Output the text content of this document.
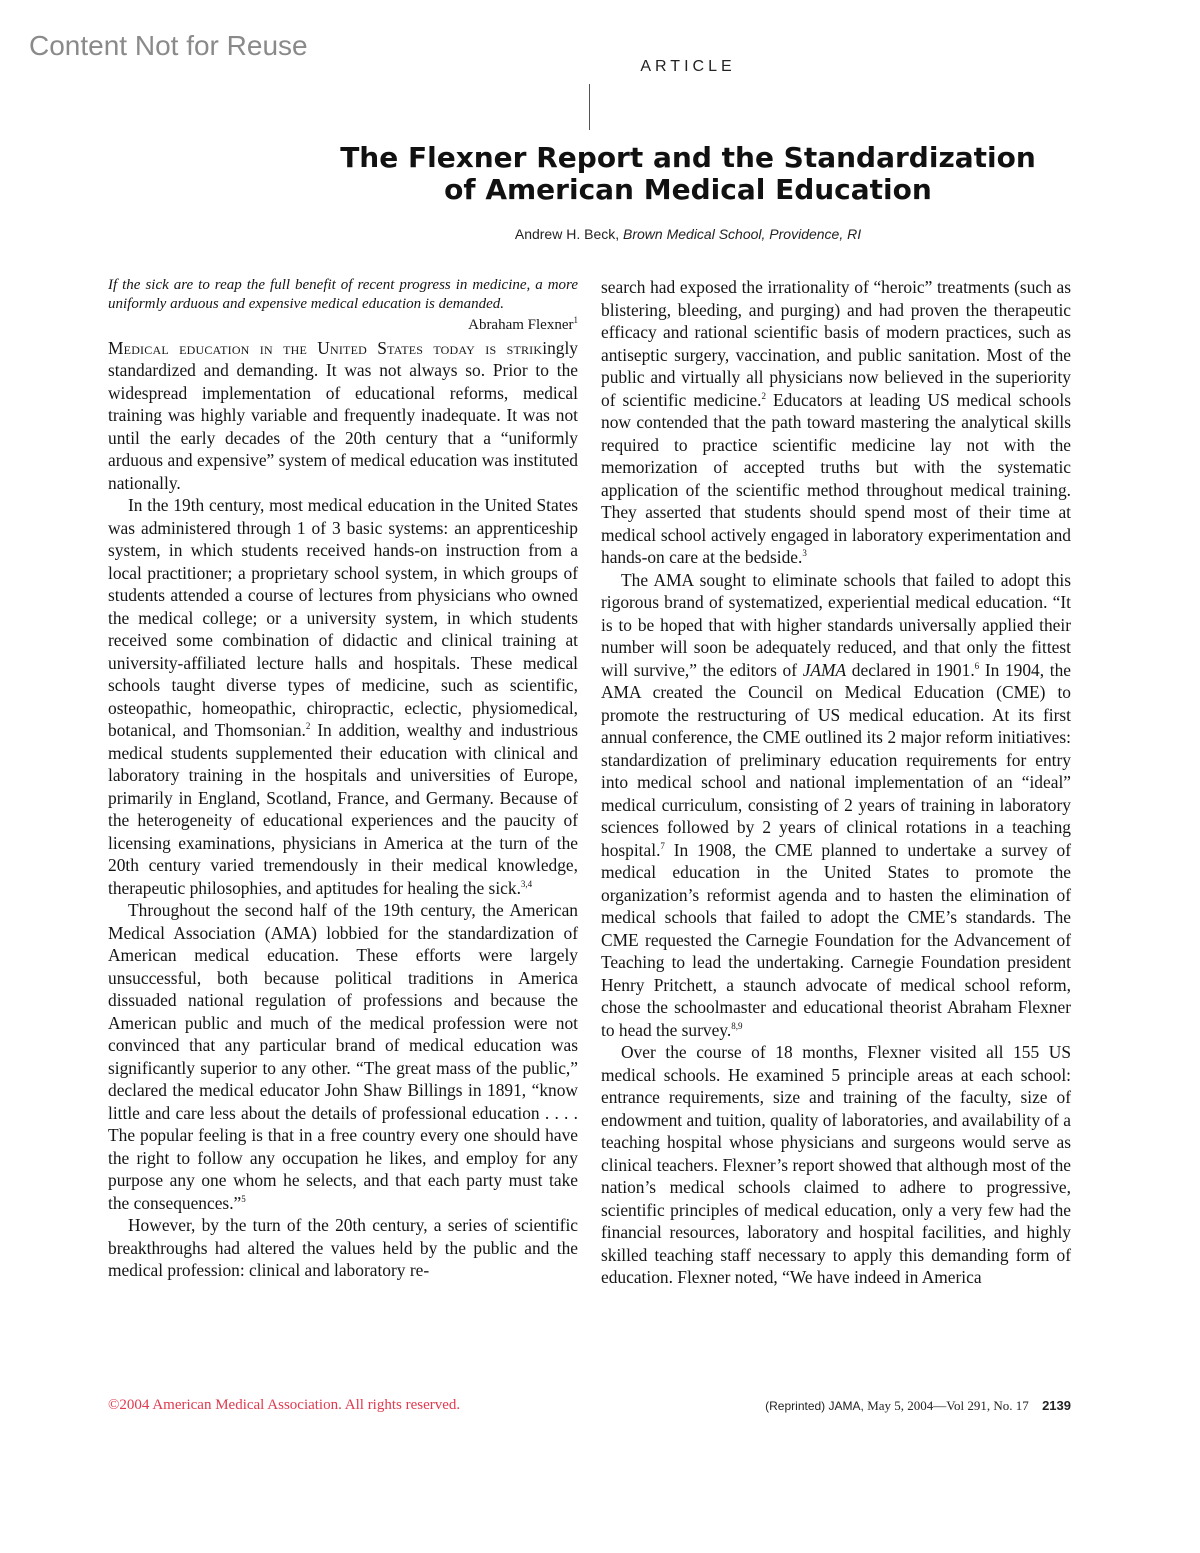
Content Not for Reuse
ARTICLE
The Flexner Report and the Standardization
of American Medical Education
Andrew H. Beck, Brown Medical School, Providence, RI

If the sick are to reap the full benefit of recent progress in medicine, a more uniformly arduous and expensive medical education is demanded.

Abraham Flexner$^1$

Medical education in the United States today is strikingly standardized and demanding. It was not always so. Prior to the widespread implementation of educational reforms, medical training was highly variable and frequently inadequate. It was not until the early decades of the 20th century that a “uniformly arduous and expensive” system of medical education was instituted nationally.

In the 19th century, most medical education in the United States was administered through 1 of 3 basic systems: an apprenticeship system, in which students received hands-on instruction from a local practitioner; a proprietary school system, in which groups of students attended a course of lectures from physicians who owned the medical college; or a university system, in which students received some combination of didactic and clinical training at university-affiliated lecture halls and hospitals. These medical schools taught diverse types of medicine, such as scientific, osteopathic, homeopathic, chiropractic, eclectic, physiomedical, botanical, and Thomsonian.$^2$ In addition, wealthy and industrious medical students supplemented their education with clinical and laboratory training in the hospitals and universities of Europe, primarily in England, Scotland, France, and Germany. Because of the heterogeneity of educational experiences and the paucity of licensing examinations, physicians in America at the turn of the 20th century varied tremendously in their medical knowledge, therapeutic philosophies, and aptitudes for healing the sick.$^{3,4}$

Throughout the second half of the 19th century, the American Medical Association (AMA) lobbied for the standardization of American medical education. These efforts were largely unsuccessful, both because political traditions in America dissuaded national regulation of professions and because the American public and much of the medical profession were not convinced that any particular brand of medical education was significantly superior to any other. “The great mass of the public,” declared the medical educator John Shaw Billings in 1891, “know little and care less about the details of professional education . . . . The popular feeling is that in a free country every one should have the right to follow any occupation he likes, and employ for any purpose any one whom he selects, and that each party must take the consequences.”$^5$

However, by the turn of the 20th century, a series of scientific breakthroughs had altered the values held by the public and the medical profession: clinical and laboratory re-

search had exposed the irrationality of “heroic” treatments (such as blistering, bleeding, and purging) and had proven the therapeutic efficacy and rational scientific basis of modern practices, such as antiseptic surgery, vaccination, and public sanitation. Most of the public and virtually all physicians now believed in the superiority of scientific medicine.$^2$ Educators at leading US medical schools now contended that the path toward mastering the analytical skills required to practice scientific medicine lay not with the memorization of accepted truths but with the systematic application of the scientific method throughout medical training. They asserted that students should spend most of their time at medical school actively engaged in laboratory experimentation and hands-on care at the bedside.$^3$

The AMA sought to eliminate schools that failed to adopt this rigorous brand of systematized, experiential medical education. “It is to be hoped that with higher standards universally applied their number will soon be adequately reduced, and that only the fittest will survive,” the editors of JAMA declared in 1901.$^6$ In 1904, the AMA created the Council on Medical Education (CME) to promote the restructuring of US medical education. At its first annual conference, the CME outlined its 2 major reform initiatives: standardization of preliminary education requirements for entry into medical school and national implementation of an “ideal” medical curriculum, consisting of 2 years of training in laboratory sciences followed by 2 years of clinical rotations in a teaching hospital.$^7$ In 1908, the CME planned to undertake a survey of medical education in the United States to promote the organization’s reformist agenda and to hasten the elimination of medical schools that failed to adopt the CME’s standards. The CME requested the Carnegie Foundation for the Advancement of Teaching to lead the undertaking. Carnegie Foundation president Henry Pritchett, a staunch advocate of medical school reform, chose the schoolmaster and educational theorist Abraham Flexner to head the survey.$^{8,9}$

Over the course of 18 months, Flexner visited all 155 US medical schools. He examined 5 principle areas at each school: entrance requirements, size and training of the faculty, size of endowment and tuition, quality of laboratories, and availability of a teaching hospital whose physicians and surgeons would serve as clinical teachers. Flexner’s report showed that although most of the nation’s medical schools claimed to adhere to progressive, scientific principles of medical education, only a very few had the financial resources, laboratory and hospital facilities, and highly skilled teaching staff necessary to apply this demanding form of education. Flexner noted, “We have indeed in America

©2004 American Medical Association. All rights reserved.	(Reprinted) JAMA, May 5, 2004—Vol 291, No. 17 2139
